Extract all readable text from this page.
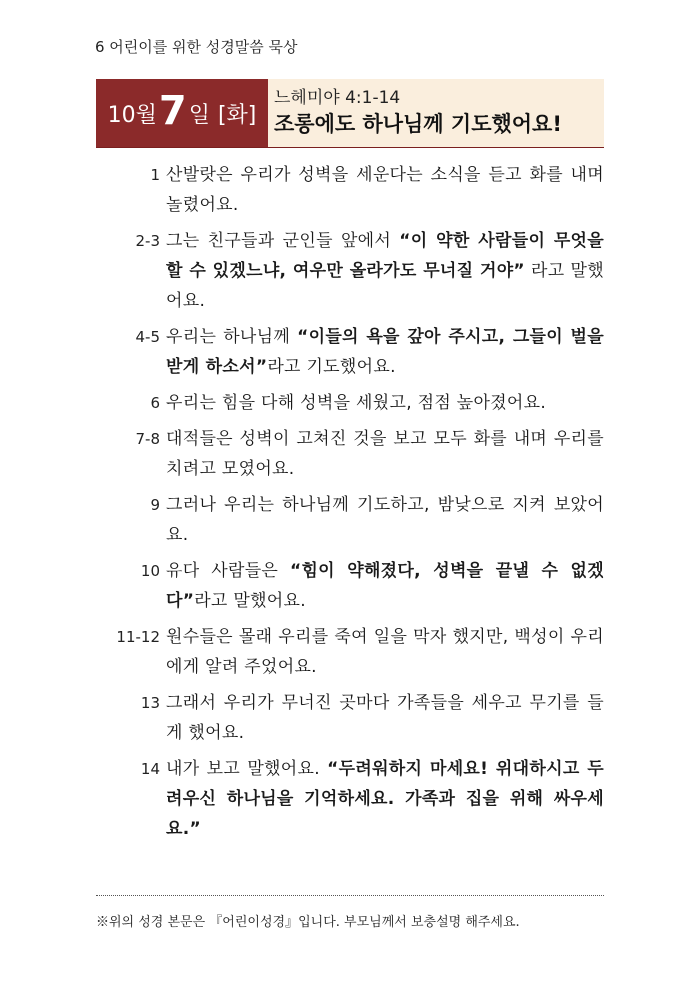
6 어린이를 위한 성경말씀 묵상
10월 7 일 [화]
느헤미야 4:1-14
조롱에도 하나님께 기도했어요!
1 산발랏은 우리가 성벽을 세운다는 소식을 듣고 화를 내며 놀렸어요.
2-3 그는 친구들과 군인들 앞에서 “이 약한 사람들이 무엇을 할 수 있겠느냐, 여우만 올라가도 무너질 거야” 라고 말했어요.
4-5 우리는 하나님께 “이들의 욕을 갚아 주시고, 그들이 벌을 받게 하소서”라고 기도했어요.
6 우리는 힘을 다해 성벽을 세웠고, 점점 높아졌어요.
7-8 대적들은 성벽이 고쳐진 것을 보고 모두 화를 내며 우리를 치려고 모였어요.
9 그러나 우리는 하나님께 기도하고, 밤낮으로 지켜 보았어요.
10 유다 사람들은 “힘이 약해졌다, 성벽을 끝낼 수 없겠다”라고 말했어요.
11-12 원수들은 몰래 우리를 죽여 일을 막자 했지만, 백성이 우리에게 알려 주었어요.
13 그래서 우리가 무너진 곳마다 가족들을 세우고 무기를 들게 했어요.
14 내가 보고 말했어요. “두려워하지 마세요! 위대하시고 두려우신 하나님을 기억하세요. 가족과 집을 위해 싸우세요.”
※위의 성경 본문은 『어린이성경』입니다. 부모님께서 보충설명 해주세요.
